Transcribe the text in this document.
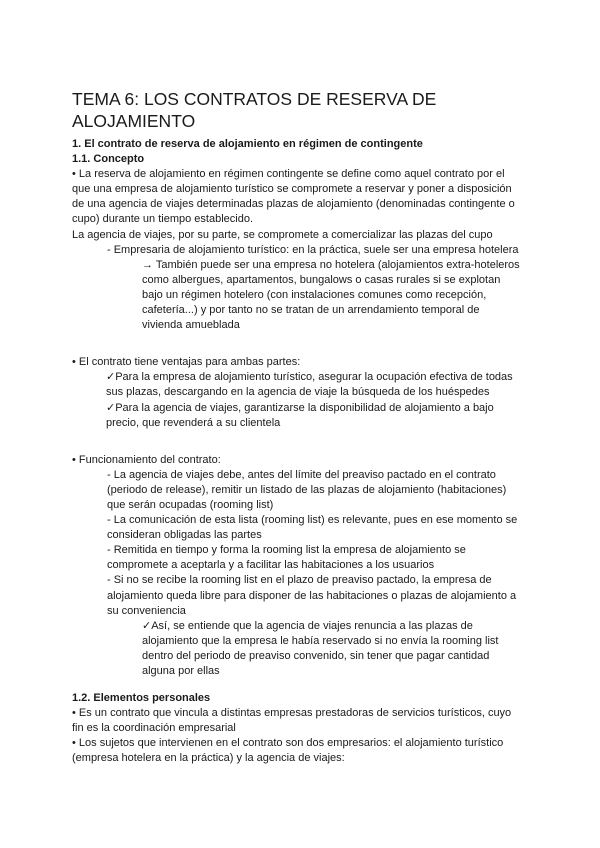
TEMA 6: LOS CONTRATOS DE RESERVA DE
ALOJAMIENTO
1. El contrato de reserva de alojamiento en régimen de contingente
1.1. Concepto
• La reserva de alojamiento en régimen contingente se define como aquel contrato por el
que una empresa de alojamiento turístico se compromete a reservar y poner a disposición
de una agencia de viajes determinadas plazas de alojamiento (denominadas contingente o
cupo) durante un tiempo establecido.
La agencia de viajes, por su parte, se compromete a comercializar las plazas del cupo
- Empresaria de alojamiento turístico: en la práctica, suele ser una empresa hotelera
→ También puede ser una empresa no hotelera (alojamientos extra-hoteleros
como albergues, apartamentos, bungalows o casas rurales si se explotan
bajo un régimen hotelero (con instalaciones comunes como recepción,
cafetería...) y por tanto no se tratan de un arrendamiento temporal de
vivienda amueblada
• El contrato tiene ventajas para ambas partes:
✓Para la empresa de alojamiento turístico, asegurar la ocupación efectiva de todas
sus plazas, descargando en la agencia de viaje la búsqueda de los huéspedes
✓Para la agencia de viajes, garantizarse la disponibilidad de alojamiento a bajo
precio, que revenderá a su clientela
• Funcionamiento del contrato:
- La agencia de viajes debe, antes del límite del preaviso pactado en el contrato
(periodo de release), remitir un listado de las plazas de alojamiento (habitaciones)
que serán ocupadas (rooming list)
- La comunicación de esta lista (rooming list) es relevante, pues en ese momento se
consideran obligadas las partes
- Remitida en tiempo y forma la rooming list la empresa de alojamiento se
compromete a aceptarla y a facilitar las habitaciones a los usuarios
- Si no se recibe la rooming list en el plazo de preaviso pactado, la empresa de
alojamiento queda libre para disponer de las habitaciones o plazas de alojamiento a
su conveniencia
✓Así, se entiende que la agencia de viajes renuncia a las plazas de
alojamiento que la empresa le había reservado si no envía la rooming list
dentro del periodo de preaviso convenido, sin tener que pagar cantidad
alguna por ellas
1.2. Elementos personales
• Es un contrato que vincula a distintas empresas prestadoras de servicios turísticos, cuyo
fin es la coordinación empresarial
• Los sujetos que intervienen en el contrato son dos empresarios: el alojamiento turístico
(empresa hotelera en la práctica) y la agencia de viajes:
